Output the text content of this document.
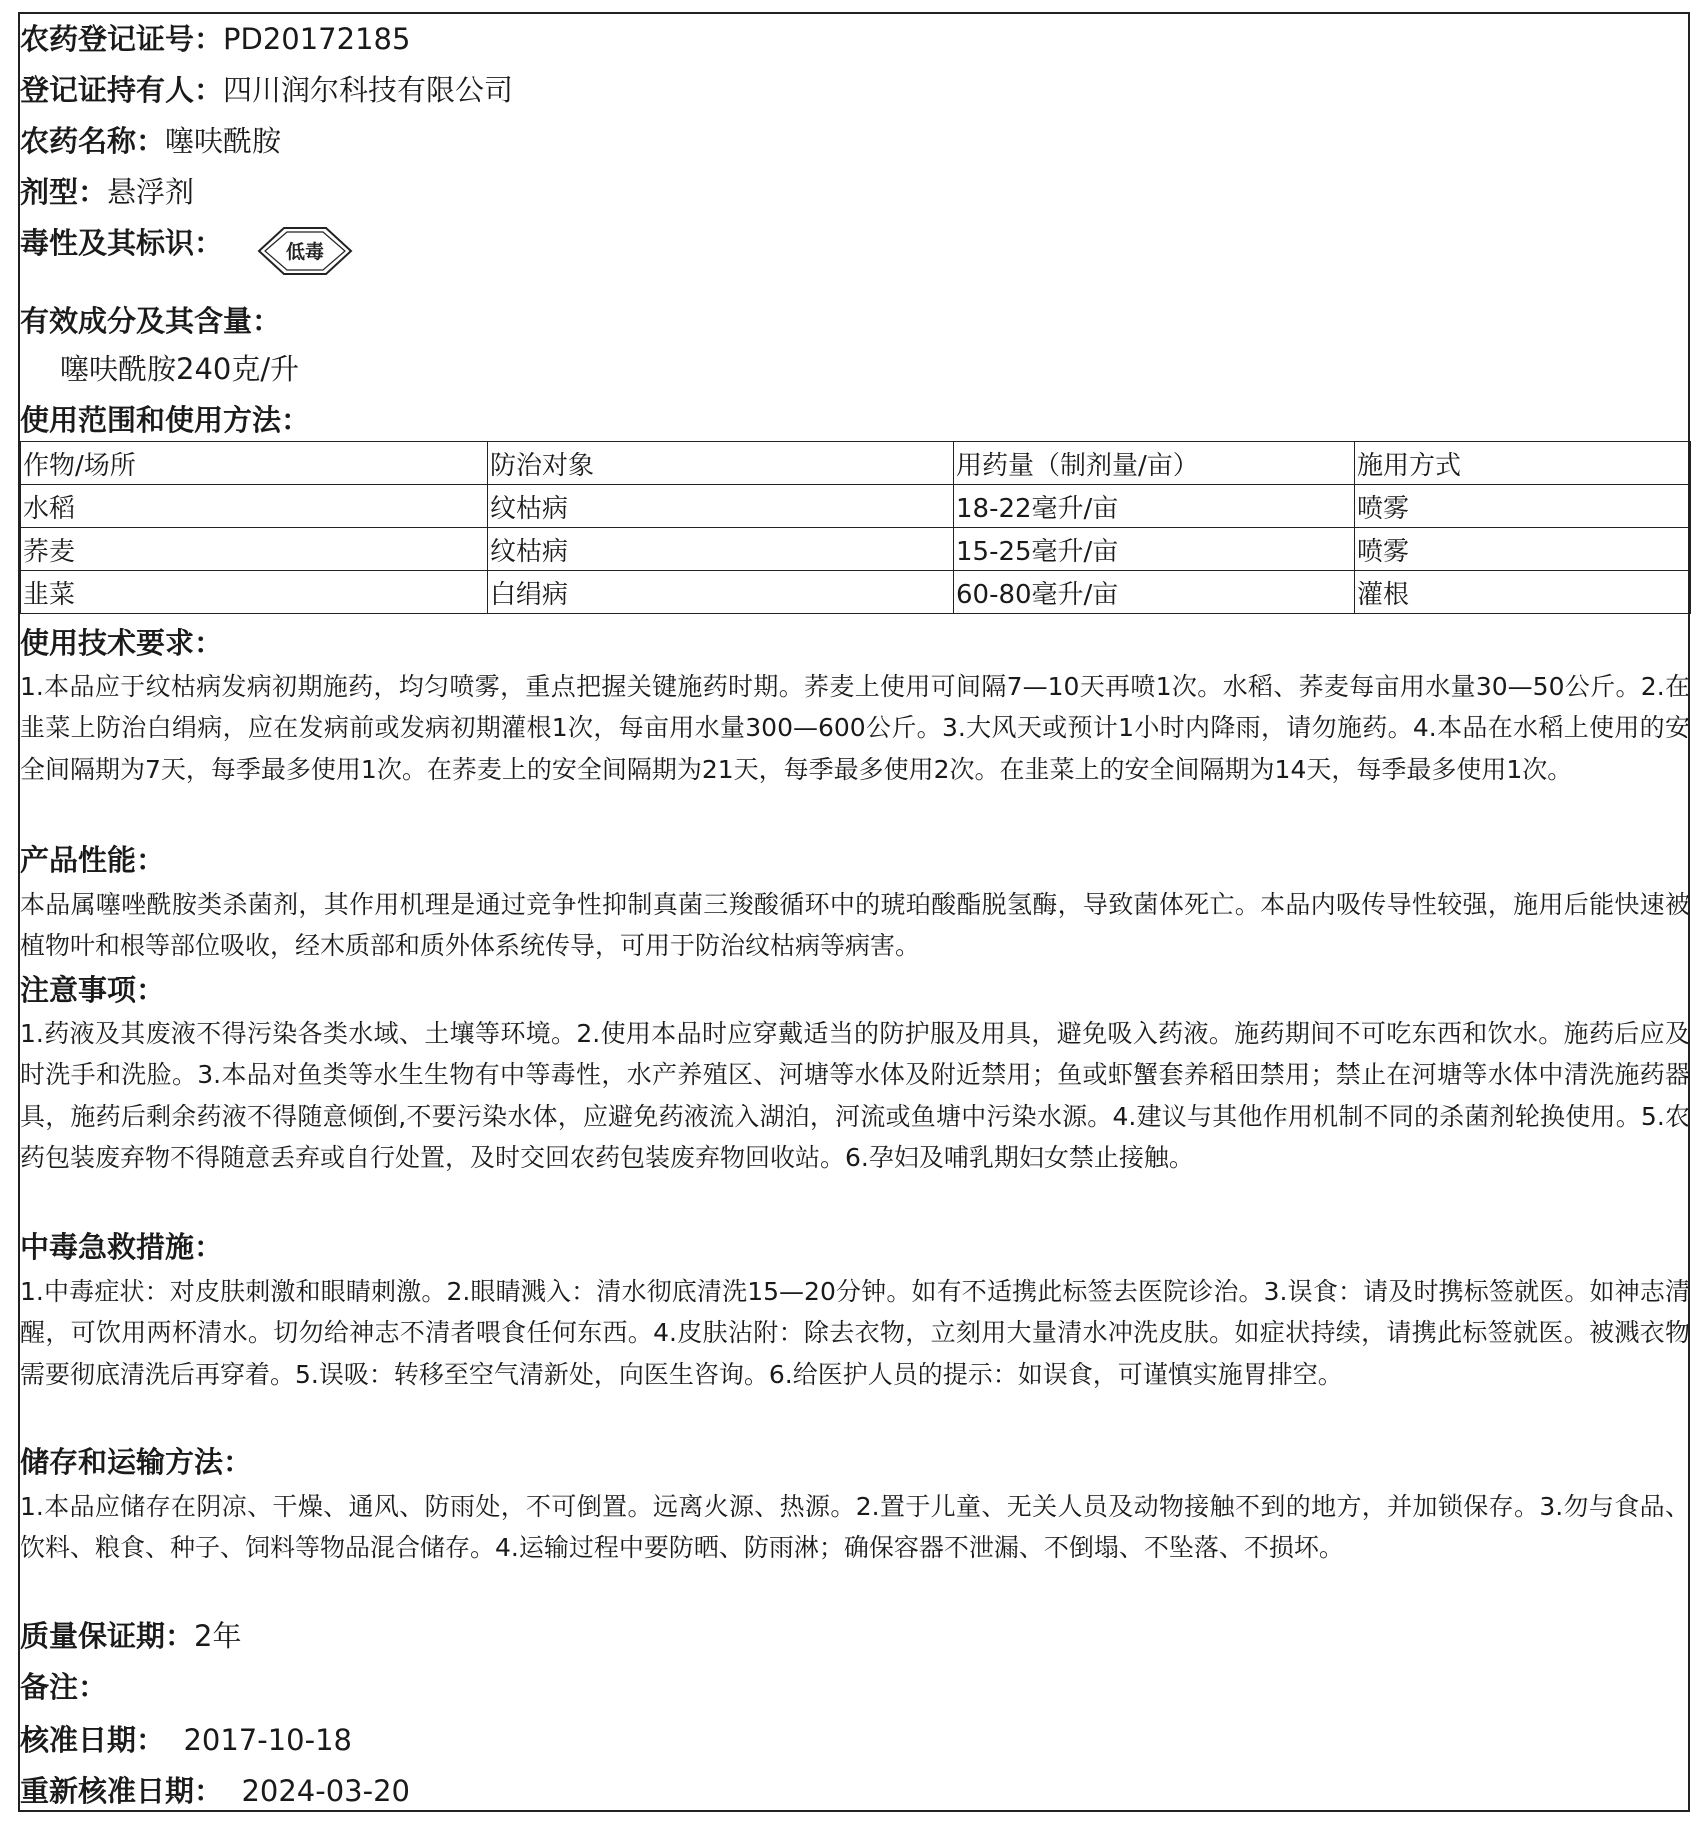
农药登记证号：PD20172185
登记证持有人：四川润尔科技有限公司
农药名称：噻呋酰胺
剂型：悬浮剂
毒性及其标识：	低毒
有效成分及其含量：
噻呋酰胺240克/升
使用范围和使用方法：
作物/场所	防治对象	用药量（制剂量/亩）	施用方式
水稻	纹枯病	18-22毫升/亩	喷雾
荞麦	纹枯病	15-25毫升/亩	喷雾
韭菜	白绢病	60-80毫升/亩	灌根
使用技术要求：
1.本品应于纹枯病发病初期施药，均匀喷雾，重点把握关键施药时期。荞麦上使用可间隔7—10天再喷1次。水稻、荞麦每亩用水量30—50公斤。2.在韭菜上防治白绢病，应在发病前或发病初期灌根1次，每亩用水量300—600公斤。3.大风天或预计1小时内降雨，请勿施药。4.本品在水稻上使用的安全间隔期为7天，每季最多使用1次。在荞麦上的安全间隔期为21天，每季最多使用2次。在韭菜上的安全间隔期为14天，每季最多使用1次。
产品性能：
本品属噻唑酰胺类杀菌剂，其作用机理是通过竞争性抑制真菌三羧酸循环中的琥珀酸酯脱氢酶，导致菌体死亡。本品内吸传导性较强，施用后能快速被植物叶和根等部位吸收，经木质部和质外体系统传导，可用于防治纹枯病等病害。
注意事项：
1.药液及其废液不得污染各类水域、土壤等环境。2.使用本品时应穿戴适当的防护服及用具，避免吸入药液。施药期间不可吃东西和饮水。施药后应及时洗手和洗脸。3.本品对鱼类等水生生物有中等毒性，水产养殖区、河塘等水体及附近禁用；鱼或虾蟹套养稻田禁用；禁止在河塘等水体中清洗施药器具，施药后剩余药液不得随意倾倒,不要污染水体，应避免药液流入湖泊，河流或鱼塘中污染水源。4.建议与其他作用机制不同的杀菌剂轮换使用。5.农药包装废弃物不得随意丢弃或自行处置，及时交回农药包装废弃物回收站。6.孕妇及哺乳期妇女禁止接触。
中毒急救措施：
1.中毒症状：对皮肤刺激和眼睛刺激。2.眼睛溅入：清水彻底清洗15—20分钟。如有不适携此标签去医院诊治。3.误食：请及时携标签就医。如神志清醒，可饮用两杯清水。切勿给神志不清者喂食任何东西。4.皮肤沾附：除去衣物，立刻用大量清水冲洗皮肤。如症状持续，请携此标签就医。被溅衣物需要彻底清洗后再穿着。5.误吸：转移至空气清新处，向医生咨询。6.给医护人员的提示：如误食，可谨慎实施胃排空。
储存和运输方法：
1.本品应储存在阴凉、干燥、通风、防雨处，不可倒置。远离火源、热源。2.置于儿童、无关人员及动物接触不到的地方，并加锁保存。3.勿与食品、饮料、粮食、种子、饲料等物品混合储存。4.运输过程中要防晒、防雨淋；确保容器不泄漏、不倒塌、不坠落、不损坏。
质量保证期：2年
备注：
核准日期： 2017-10-18
重新核准日期： 2024-03-20
